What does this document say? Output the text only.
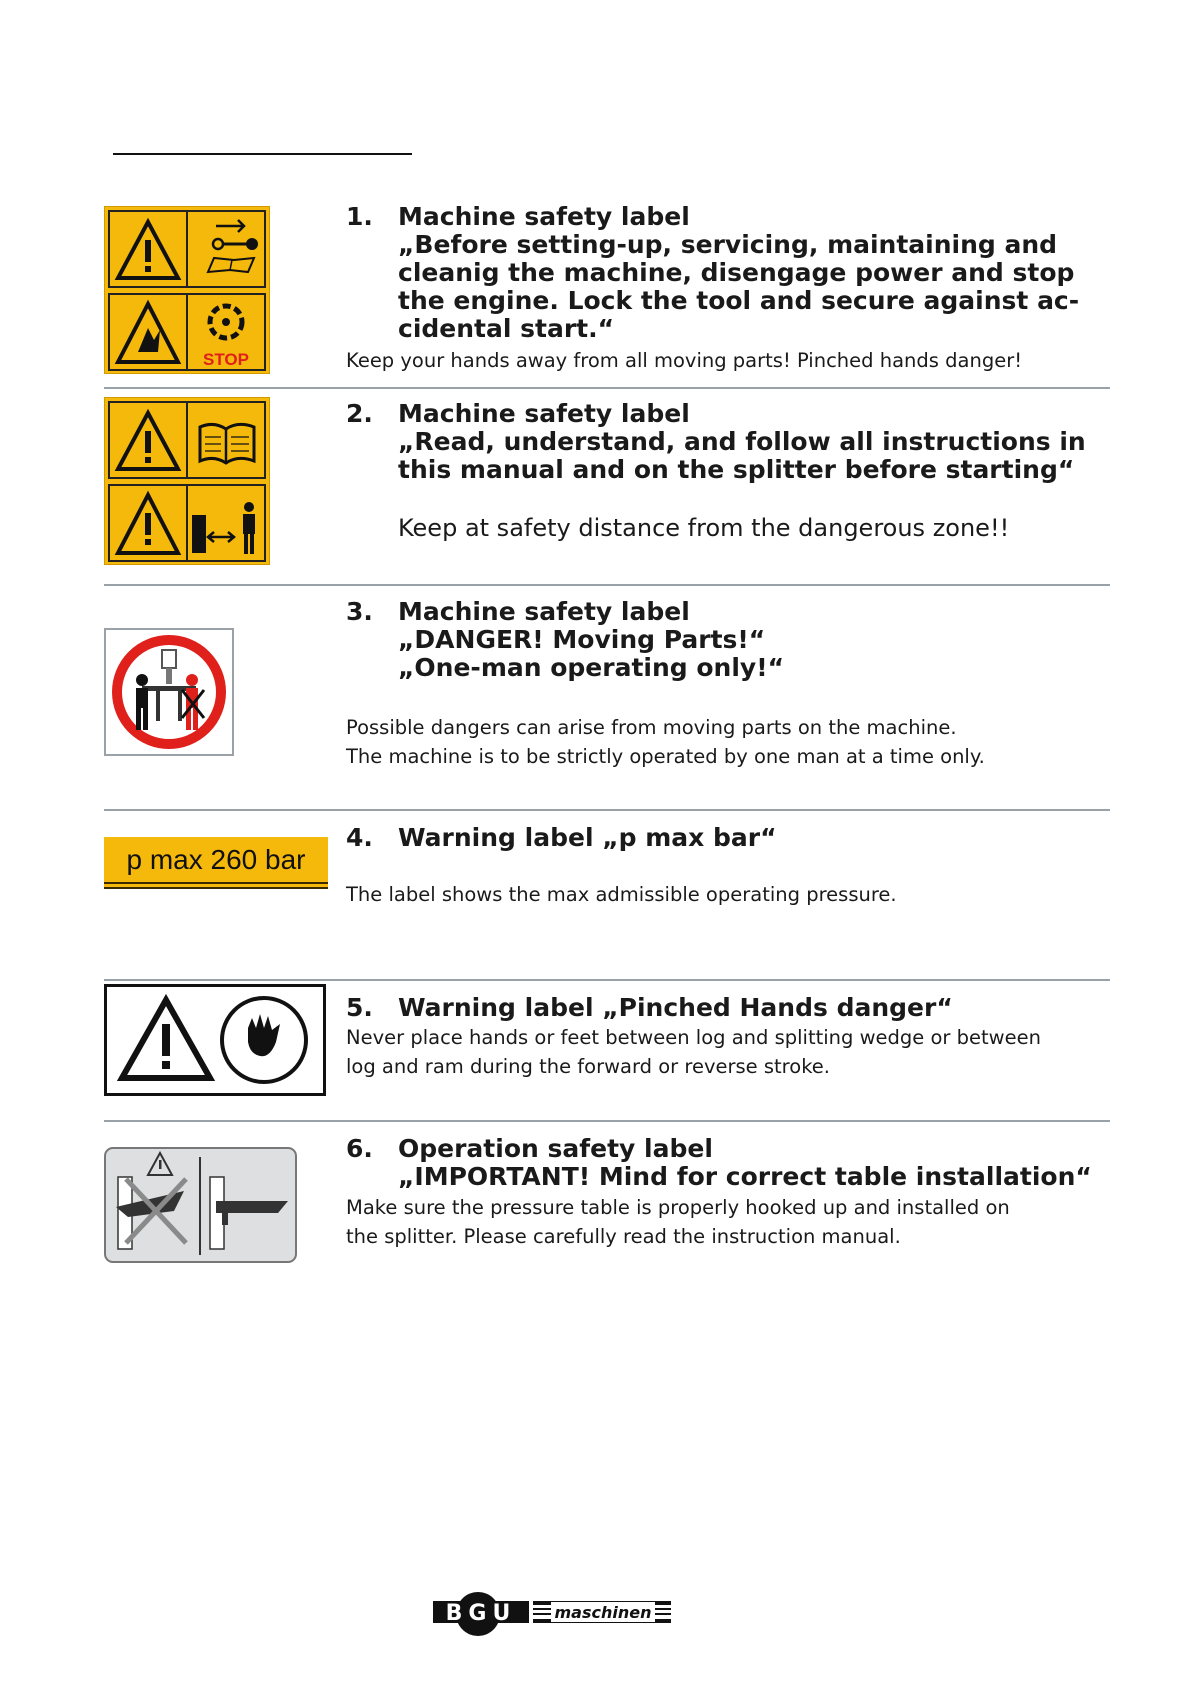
STOP
1. Machine safety label
„Before setting-up, servicing, maintaining and
cleanig the machine, disengage power and stop
the engine. Lock the tool and secure against ac-
cidental start.“
Keep your hands away from all moving parts! Pinched hands danger!
2. Machine safety label
„Read, understand, and follow all instructions in
this manual and on the splitter before starting“
Keep at safety distance from the dangerous zone!!
3. Machine safety label
„DANGER! Moving Parts!“
„One-man operating only!“
Possible dangers can arise from moving parts on the machine.
The machine is to be strictly operated by one man at a time only.
p max 260 bar
4. Warning label „p max bar“
The label shows the max admissible operating pressure.
5. Warning label „Pinched Hands danger“
Never place hands or feet between log and splitting wedge or between
log and ram during the forward or reverse stroke.
6. Operation safety label
„IMPORTANT! Mind for correct table installation“
Make sure the pressure table is properly hooked up and installed on
the splitter. Please carefully read the instruction manual.
BGU maschinen
